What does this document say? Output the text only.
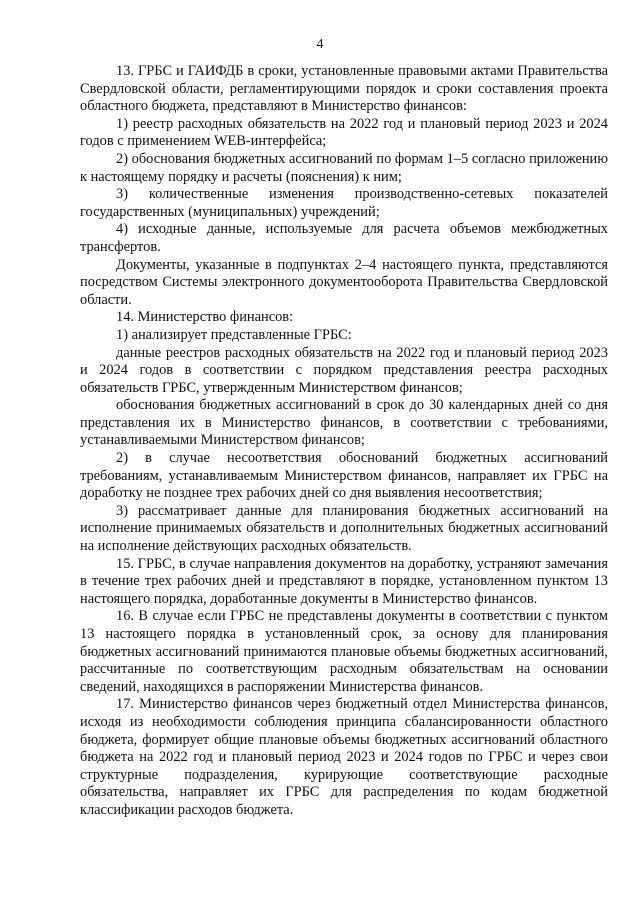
4

13. ГРБС и ГАИФДБ в сроки, установленные правовыми актами Правительства Свердловской области, регламентирующими порядок и сроки составления проекта областного бюджета, представляют в Министерство финансов:

1) реестр расходных обязательств на 2022 год и плановый период 2023 и 2024 годов с применением WEB-интерфейса;

2) обоснования бюджетных ассигнований по формам 1–5 согласно приложению к настоящему порядку и расчеты (пояснения) к ним;

3) количественные изменения производственно-сетевых показателей государственных (муниципальных) учреждений;

4) исходные данные, используемые для расчета объемов межбюджетных трансфертов.

Документы, указанные в подпунктах 2–4 настоящего пункта, представляются посредством Системы электронного документооборота Правительства Свердловской области.

14. Министерство финансов:

1) анализирует представленные ГРБС:

данные реестров расходных обязательств на 2022 год и плановый период 2023 и 2024 годов в соответствии с порядком представления реестра расходных обязательств ГРБС, утвержденным Министерством финансов;

обоснования бюджетных ассигнований в срок до 30 календарных дней со дня представления их в Министерство финансов, в соответствии с требованиями, устанавливаемыми Министерством финансов;

2) в случае несоответствия обоснований бюджетных ассигнований требованиям, устанавливаемым Министерством финансов, направляет их ГРБС на доработку не позднее трех рабочих дней со дня выявления несоответствия;

3) рассматривает данные для планирования бюджетных ассигнований на исполнение принимаемых обязательств и дополнительных бюджетных ассигнований на исполнение действующих расходных обязательств.

15. ГРБС, в случае направления документов на доработку, устраняют замечания в течение трех рабочих дней и представляют в порядке, установленном пунктом 13 настоящего порядка, доработанные документы в Министерство финансов.

16. В случае если ГРБС не представлены документы в соответствии с пунктом 13 настоящего порядка в установленный срок, за основу для планирования бюджетных ассигнований принимаются плановые объемы бюджетных ассигнований, рассчитанные по соответствующим расходным обязательствам на основании сведений, находящихся в распоряжении Министерства финансов.

17. Министерство финансов через бюджетный отдел Министерства финансов, исходя из необходимости соблюдения принципа сбалансированности областного бюджета, формирует общие плановые объемы бюджетных ассигнований областного бюджета на 2022 год и плановый период 2023 и 2024 годов по ГРБС и через свои структурные подразделения, курирующие соответствующие расходные обязательства, направляет их ГРБС для распределения по кодам бюджетной классификации расходов бюджета.
